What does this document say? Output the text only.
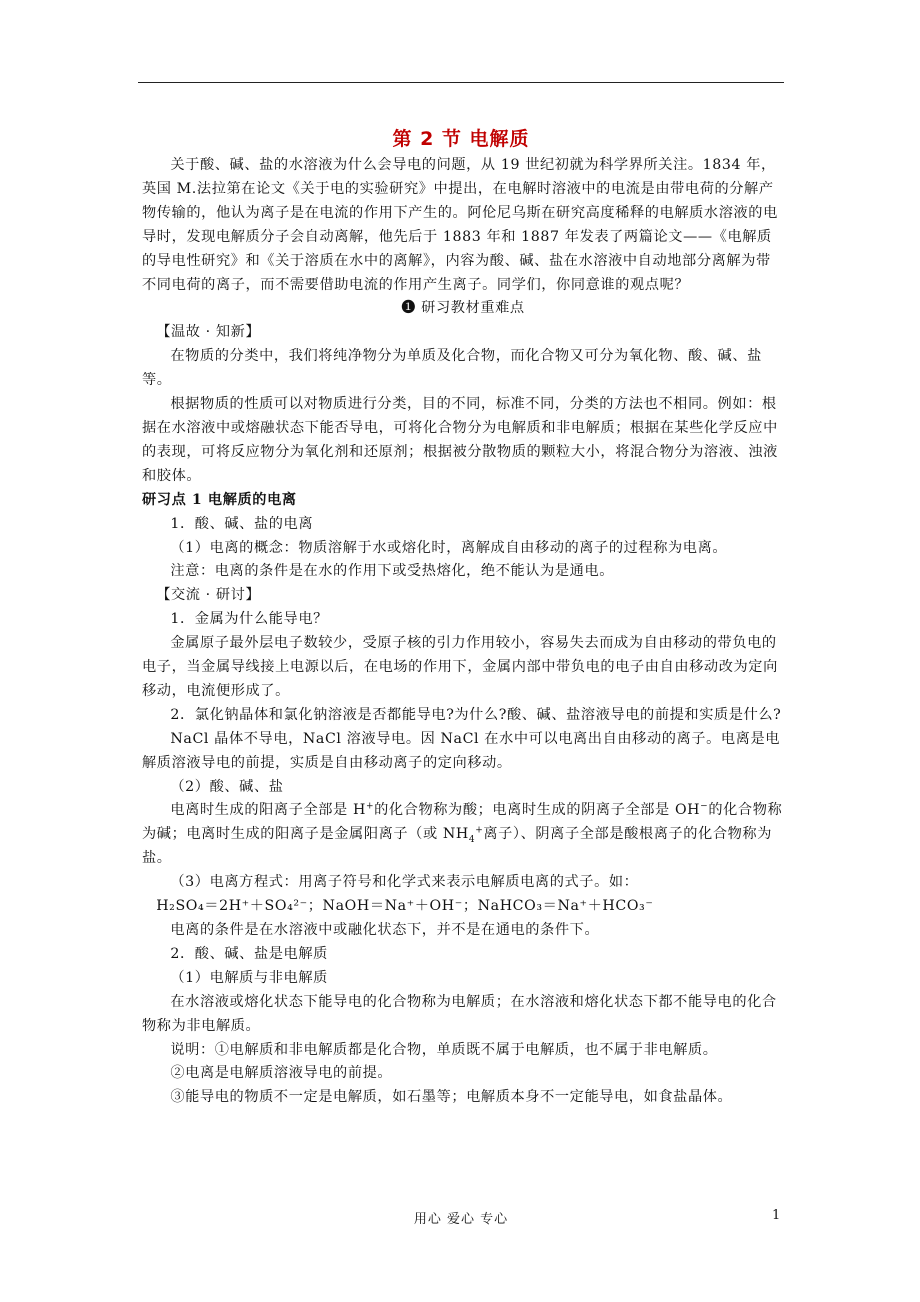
第 2 节 电解质

关于酸、碱、盐的水溶液为什么会导电的问题，从 19 世纪初就为科学界所关注。1834 年，英国 M.法拉第在论文《关于电的实验研究》中提出，在电解时溶液中的电流是由带电荷的分解产物传输的，他认为离子是在电流的作用下产生的。阿伦尼乌斯在研究高度稀释的电解质水溶液的电导时，发现电解质分子会自动离解，他先后于 1883 年和 1887 年发表了两篇论文——《电解质的导电性研究》和《关于溶质在水中的离解》，内容为酸、碱、盐在水溶液中自动地部分离解为带不同电荷的离子，而不需要借助电流的作用产生离子。同学们，你同意谁的观点呢？

❶ 研习教材重难点

【温故 · 知新】

在物质的分类中，我们将纯净物分为单质及化合物，而化合物又可分为氧化物、酸、碱、盐等。

根据物质的性质可以对物质进行分类，目的不同，标准不同，分类的方法也不相同。例如：根据在水溶液中或熔融状态下能否导电，可将化合物分为电解质和非电解质；根据在某些化学反应中的表现，可将反应物分为氧化剂和还原剂；根据被分散物质的颗粒大小，将混合物分为溶液、浊液和胶体。

研习点 1 电解质的电离

1．酸、碱、盐的电离

（1）电离的概念：物质溶解于水或熔化时，离解成自由移动的离子的过程称为电离。

注意：电离的条件是在水的作用下或受热熔化，绝不能认为是通电。

【交流 · 研讨】

1．金属为什么能导电？

金属原子最外层电子数较少，受原子核的引力作用较小，容易失去而成为自由移动的带负电的电子，当金属导线接上电源以后，在电场的作用下，金属内部中带负电的电子由自由移动改为定向移动，电流便形成了。

2．氯化钠晶体和氯化钠溶液是否都能导电?为什么?酸、碱、盐溶液导电的前提和实质是什么?

NaCl 晶体不导电，NaCl 溶液导电。因 NaCl 在水中可以电离出自由移动的离子。电离是电解质溶液导电的前提，实质是自由移动离子的定向移动。

（2）酸、碱、盐

电离时生成的阳离子全部是 H+的化合物称为酸；电离时生成的阴离子全部是 OH−的化合物称为碱；电离时生成的阳离子是金属阳离子（或 $NH_4^+$离子）、阴离子全部是酸根离子的化合物称为盐。

（3）电离方程式：用离子符号和化学式来表示电解质电离的式子。如：

H₂SO₄＝2H⁺＋SO₄²⁻；NaOH＝Na⁺＋OH⁻；NaHCO₃＝Na⁺＋HCO₃⁻

电离的条件是在水溶液中或融化状态下，并不是在通电的条件下。

2．酸、碱、盐是电解质

（1）电解质与非电解质

在水溶液或熔化状态下能导电的化合物称为电解质；在水溶液和熔化状态下都不能导电的化合物称为非电解质。

说明：①电解质和非电解质都是化合物，单质既不属于电解质，也不属于非电解质。

②电离是电解质溶液导电的前提。

③能导电的物质不一定是电解质，如石墨等；电解质本身不一定能导电，如食盐晶体。

用心 爱心 专心	1
